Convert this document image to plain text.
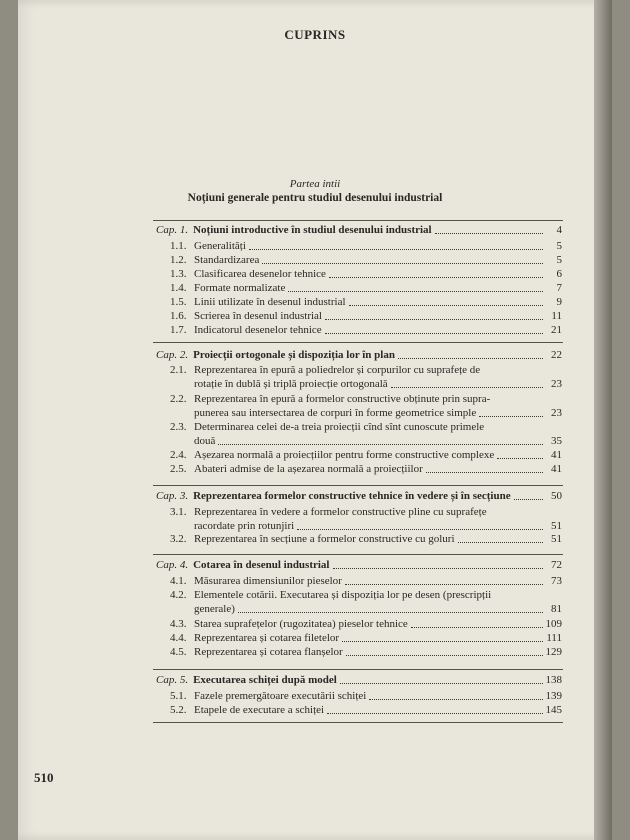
CUPRINS
Partea intii
Noțiuni generale pentru studiul desenului industrial
Cap. 1. Noțiuni introductive în studiul desenului industrial	4
1.1. Generalități	5
1.2. Standardizarea	5
1.3. Clasificarea desenelor tehnice	6
1.4. Formate normalizate	7
1.5. Linii utilizate în desenul industrial	9
1.6. Scrierea în desenul industrial	11
1.7. Indicatorul desenelor tehnice	21
Cap. 2. Proiecții ortogonale și dispoziția lor în plan	22
2.1. Reprezentarea în epură a poliedrelor și corpurilor cu suprafețe de
rotație în dublă și triplă proiecție ortogonală	23
2.2. Reprezentarea în epură a formelor constructive obținute prin supra-
punerea sau intersectarea de corpuri în forme geometrice simple	23
2.3. Determinarea celei de-a treia proiecții cînd sînt cunoscute primele
două	35
2.4. Așezarea normală a proiecțiilor pentru forme constructive complexe	41
2.5. Abateri admise de la așezarea normală a proiecțiilor	41
Cap. 3. Reprezentarea formelor constructive tehnice în vedere și în secțiune	50
3.1. Reprezentarea în vedere a formelor constructive pline cu suprafețe
racordate prin rotunjiri	51
3.2. Reprezentarea în secțiune a formelor constructive cu goluri	51
Cap. 4. Cotarea în desenul industrial	72
4.1. Măsurarea dimensiunilor pieselor	73
4.2. Elementele cotării. Executarea și dispoziția lor pe desen (prescripții
generale)	81
4.3. Starea suprafețelor (rugozitatea) pieselor tehnice	109
4.4. Reprezentarea și cotarea filetelor	111
4.5. Reprezentarea și cotarea flanșelor	129
Cap. 5. Executarea schiței după model	138
5.1. Fazele premergătoare executării schiței	139
5.2. Etapele de executare a schiței	145
510
